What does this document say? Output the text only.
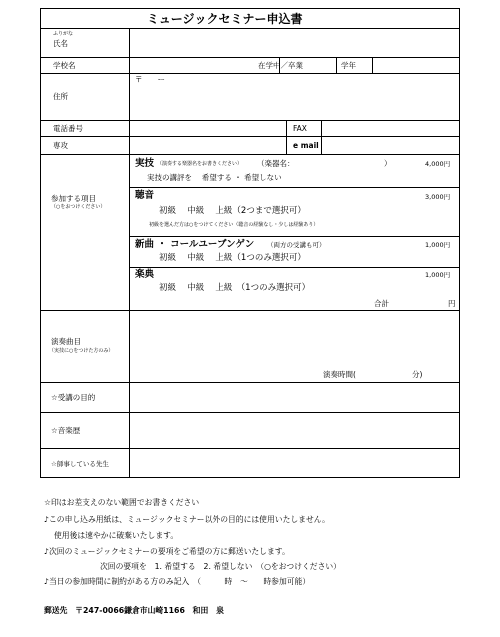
ミュージックセミナー申込書
ふりがな
氏名
学校名	在学中／卒業	学年
〒　　ー
住所
電話番号	FAX
専攻	e mail
参加する項目
（○をおつけください）
実技 （演奏する楽器名をお書きください） （楽器名：	）	4,000円
実技の講評を　 希望する ・ 希望しない
聴音	3,000円
初級　 中級　 上級（2つまで選択可）
初級を選んだ方は○をつけてください（聴音の経験なし・少しは経験あり）
新曲 ・ コールユーブンゲン （両方の受講も可）	1,000円
初級　 中級　 上級（1つのみ選択可）
楽典	1,000円
初級　 中級　 上級　（1つのみ選択可）
合計	円
演奏曲目
（実技に○をつけた方のみ）
演奏時間(	分)
☆受講の目的
☆音楽歴
☆師事している先生
☆印はお差支えのない範囲でお書きください
♪この申し込み用紙は、ミュージックセミナー以外の目的には使用いたしません。
使用後は速やかに破棄いたします。
♪次回のミュージックセミナーの要項をご希望の方に郵送いたします。
次回の要項を　1. 希望する　2. 希望しない　（○をおつけください）
♪当日の参加時間に制約がある方のみ記入　（　　　時　～　　時参加可能）
郵送先　〒247-0066鎌倉市山崎1166　和田　泉
